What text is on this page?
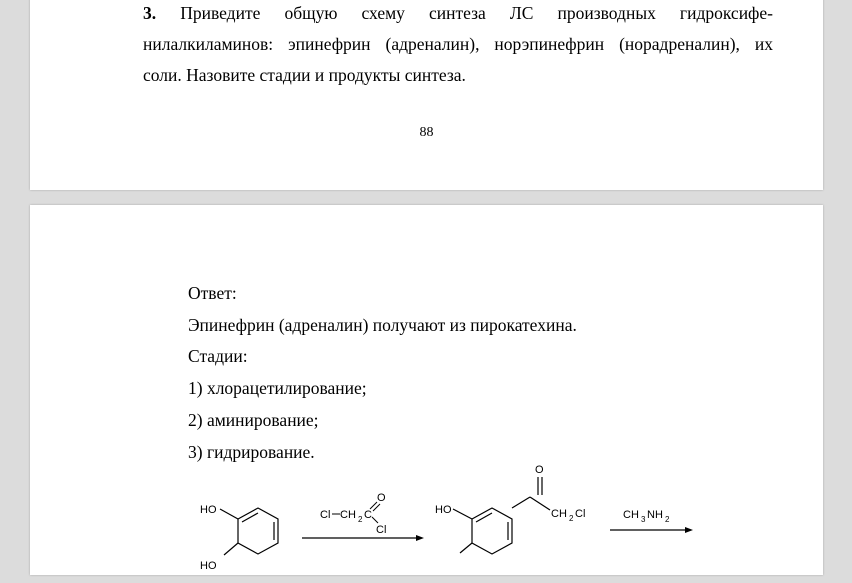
3. Приведите общую схему синтеза ЛС производных гидроксифе-
нилалкиламинов: эпинефрин (адреналин), норэпинефрин (норадреналин), их
соли. Назовите стадии и продукты синтеза.
88
Ответ:
Эпинефрин (адреналин) получают из пирокатехина.
Стадии:
1) хлорацетилирование;
2) аминирование;
3) гидрирование.
HO
HO
Cl CH 2 C
O
Cl
HO
O
CH 2 Cl	CH 3 NH 2
